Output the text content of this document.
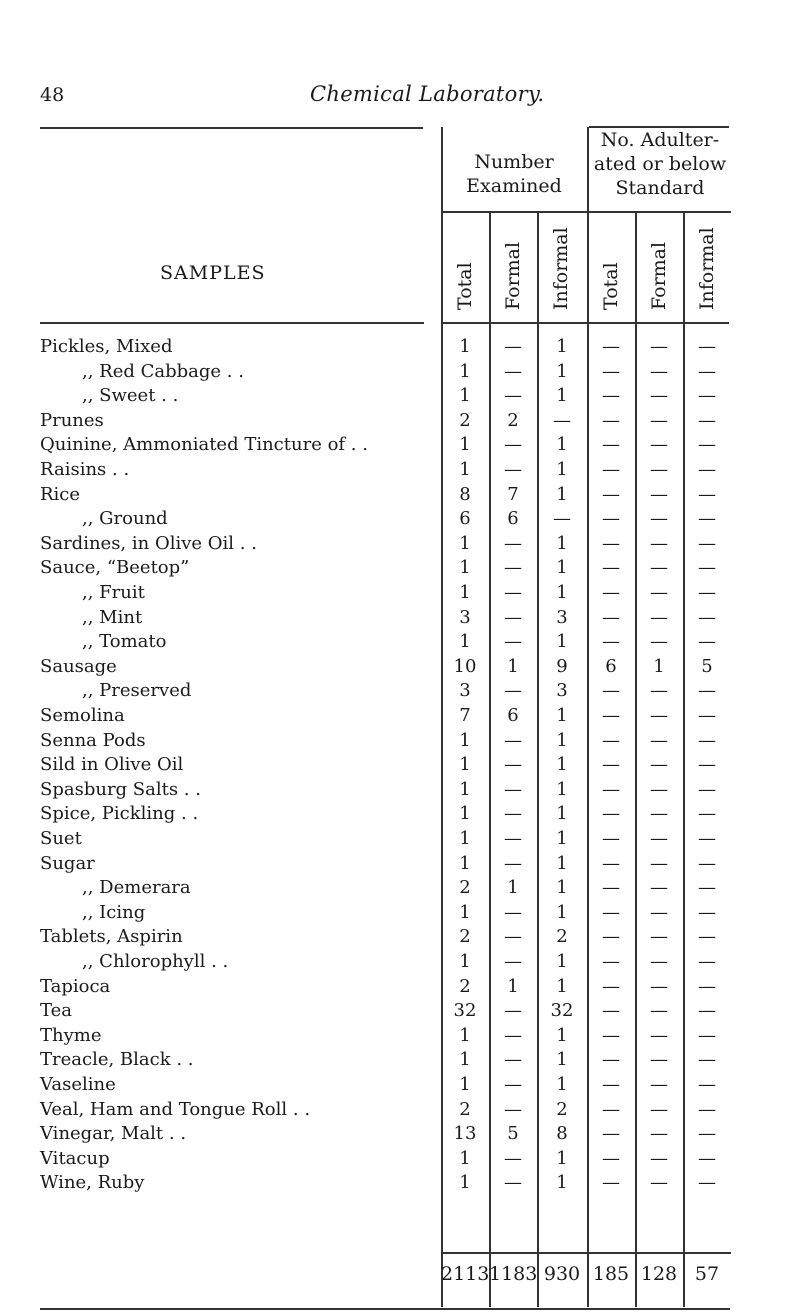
48	Chemical Laboratory.
SAMPLES
Number
Examined
No. Adulter-
ated or below
Standard
Total Formal Informal Total Formal Informal
Pickles, Mixed	1	—	1	—	—	—
,, Red Cabbage . .	1	—	1	—	—	—
,, Sweet . .	1	—	1	—	—	—
Prunes	2	2	—	—	—	—
Quinine, Ammoniated Tincture of . .	1	—	1	—	—	—
Raisins . .	1	—	1	—	—	—
Rice	8	7	1	—	—	—
,, Ground	6	6	—	—	—	—
Sardines, in Olive Oil . .	1	—	1	—	—	—
Sauce, “Beetop”	1	—	1	—	—	—
,, Fruit	1	—	1	—	—	—
,, Mint	3	—	3	—	—	—
,, Tomato	1	—	1	—	—	—
Sausage	10	1	9	6	1	5
,, Preserved	3	—	3	—	—	—
Semolina	7	6	1	—	—	—
Senna Pods	1	—	1	—	—	—
Sild in Olive Oil	1	—	1	—	—	—
Spasburg Salts . .	1	—	1	—	—	—
Spice, Pickling . .	1	—	1	—	—	—
Suet	1	—	1	—	—	—
Sugar	1	—	1	—	—	—
,, Demerara	2	1	1	—	—	—
,, Icing	1	—	1	—	—	—
Tablets, Aspirin	2	—	2	—	—	—
,, Chlorophyll . .	1	—	1	—	—	—
Tapioca	2	1	1	—	—	—
Tea	32	—	32	—	—	—
Thyme	1	—	1	—	—	—
Treacle, Black . .	1	—	1	—	—	—
Vaseline	1	—	1	—	—	—
Veal, Ham and Tongue Roll . .	2	—	2	—	—	—
Vinegar, Malt . .	13	5	8	—	—	—
Vitacup	1	—	1	—	—	—
Wine, Ruby	1	—	1	—	—	—
2113 1183 930 185 128 57
